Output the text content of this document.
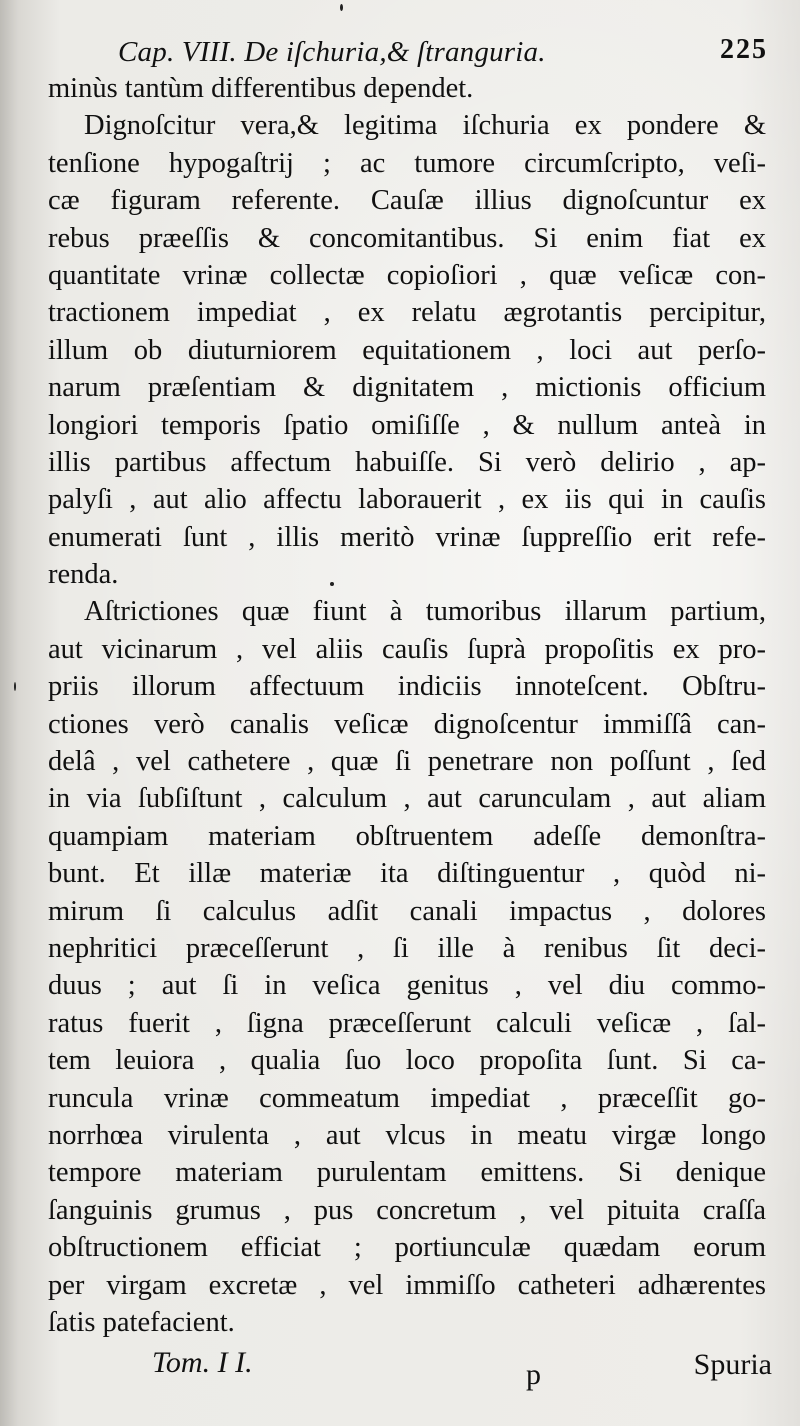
Cap. VIII. De iſchuria,& ſtranguria.	225
minùs tantùm differentibus dependet.
Dignoſcitur vera,& legitima iſchuria ex pondere &
tenſione hypogaſtrij ; ac tumore circumſcripto, veſi-
cæ figuram referente. Cauſæ illius dignoſcuntur ex
rebus præeſſis & concomitantibus. Si enim fiat ex
quantitate vrinæ collectæ copioſiori , quæ veſicæ con-
tractionem impediat , ex relatu ægrotantis percipitur,
illum ob diuturniorem equitationem , loci aut perſo-
narum præſentiam & dignitatem , mictionis officium
longiori temporis ſpatio omiſiſſe , & nullum anteà in
illis partibus affectum habuiſſe. Si verò delirio , ap-
palyſi , aut alio affectu laborauerit , ex iis qui in cauſis
enumerati ſunt , illis meritò vrinæ ſuppreſſio erit refe-
renda.
Aſtrictiones quæ fiunt à tumoribus illarum partium,
aut vicinarum , vel aliis cauſis ſuprà propoſitis ex pro-
priis illorum affectuum indiciis innoteſcent. Obſtru-
ctiones verò canalis veſicæ dignoſcentur immiſſâ can-
delâ , vel cathetere , quæ ſi penetrare non poſſunt , ſed
in via ſubſiſtunt , calculum , aut carunculam , aut aliam
quampiam materiam obſtruentem adeſſe demonſtra-
bunt. Et illæ materiæ ita diſtinguentur , quòd ni-
mirum ſi calculus adſit canali impactus , dolores
nephritici præceſſerunt , ſi ille à renibus ſit deci-
duus ; aut ſi in veſica genitus , vel diu commo-
ratus fuerit , ſigna præceſſerunt calculi veſicæ , ſal-
tem leuiora , qualia ſuo loco propoſita ſunt. Si ca-
runcula vrinæ commeatum impediat , præceſſit go-
norrhœa virulenta , aut vlcus in meatu virgæ longo
tempore materiam purulentam emittens. Si denique
ſanguinis grumus , pus concretum , vel pituita craſſa
obſtructionem efficiat ; portiunculæ quædam eorum
per virgam excretæ , vel immiſſo catheteri adhærentes
ſatis patefacient.
Tom. I I.	p	Spuria
